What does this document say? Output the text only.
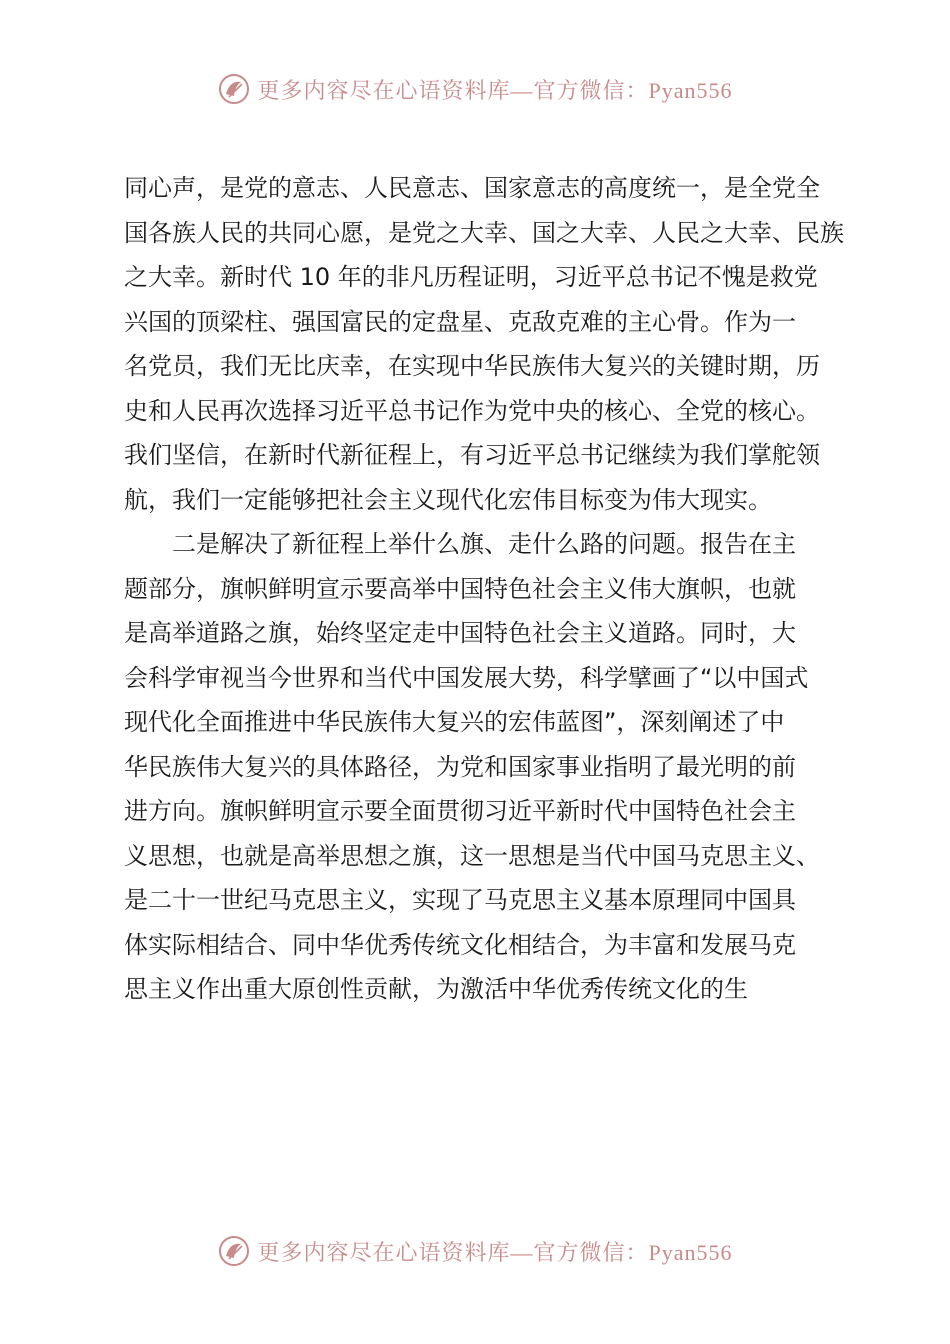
更多内容尽在心语资料库—官方微信：Pyan556
同心声，是党的意志、人民意志、国家意志的高度统一，是全党全
国各族人民的共同心愿，是党之大幸、国之大幸、人民之大幸、民族
之大幸。新时代 10 年的非凡历程证明，习近平总书记不愧是救党
兴国的顶梁柱、强国富民的定盘星、克敌克难的主心骨。作为一
名党员，我们无比庆幸，在实现中华民族伟大复兴的关键时期，历
史和人民再次选择习近平总书记作为党中央的核心、全党的核心。
我们坚信，在新时代新征程上，有习近平总书记继续为我们掌舵领
航，我们一定能够把社会主义现代化宏伟目标变为伟大现实。
二是解决了新征程上举什么旗、走什么路的问题。报告在主
题部分，旗帜鲜明宣示要高举中国特色社会主义伟大旗帜，也就
是高举道路之旗，始终坚定走中国特色社会主义道路。同时，大
会科学审视当今世界和当代中国发展大势，科学擘画了“以中国式
现代化全面推进中华民族伟大复兴的宏伟蓝图”，深刻阐述了中
华民族伟大复兴的具体路径，为党和国家事业指明了最光明的前
进方向。旗帜鲜明宣示要全面贯彻习近平新时代中国特色社会主
义思想，也就是高举思想之旗，这一思想是当代中国马克思主义、
是二十一世纪马克思主义，实现了马克思主义基本原理同中国具
体实际相结合、同中华优秀传统文化相结合，为丰富和发展马克
思主义作出重大原创性贡献，为激活中华优秀传统文化的生
更多内容尽在心语资料库—官方微信：Pyan556
